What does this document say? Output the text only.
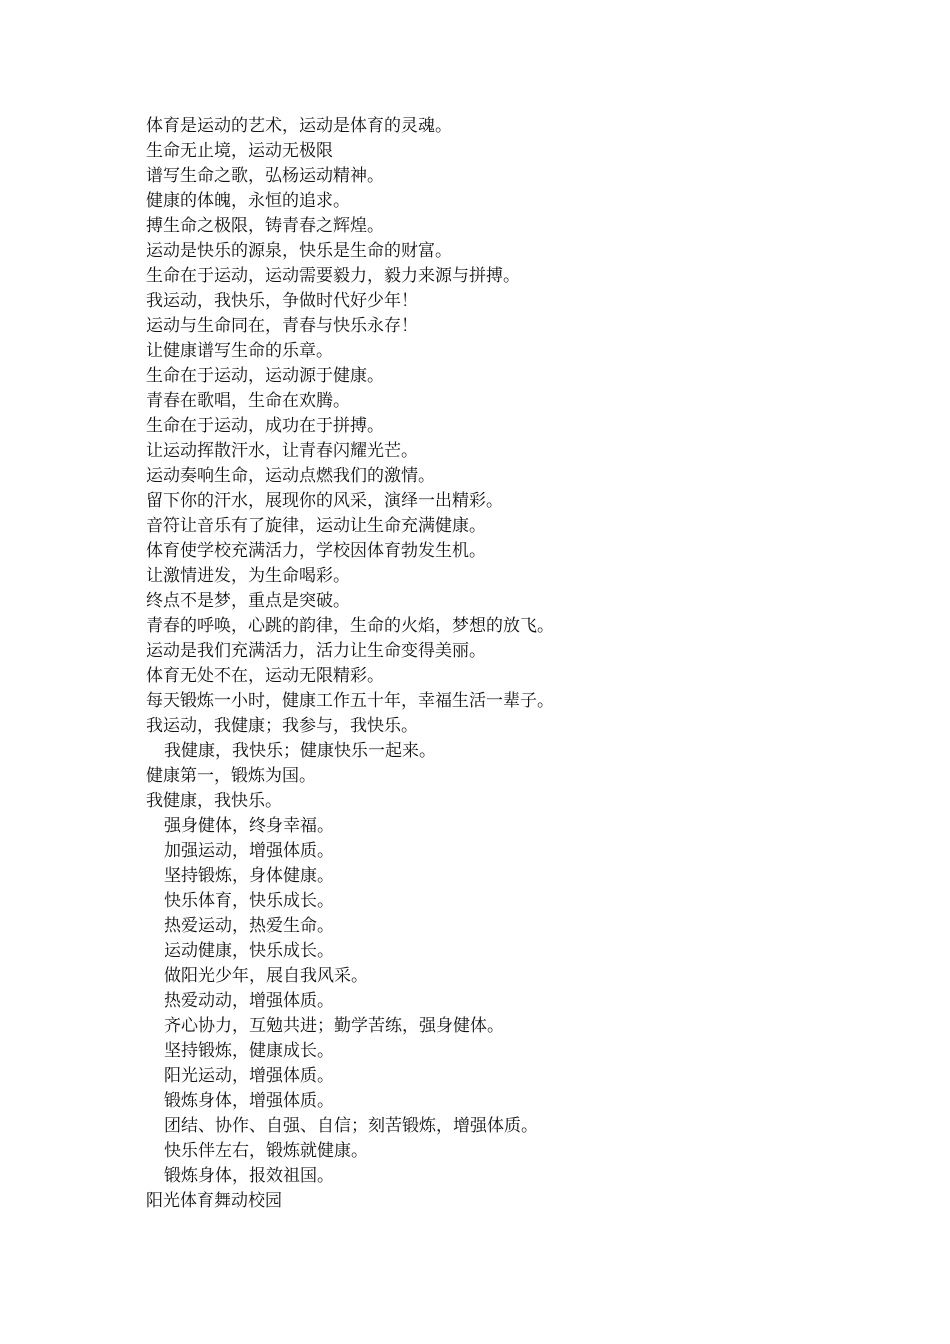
体育是运动的艺术，运动是体育的灵魂。
生命无止境，运动无极限
谱写生命之歌，弘杨运动精神。
健康的体魄，永恒的追求。
搏生命之极限，铸青春之辉煌。
运动是快乐的源泉，快乐是生命的财富。
生命在于运动，运动需要毅力，毅力来源与拼搏。
我运动，我快乐，争做时代好少年！
运动与生命同在，青春与快乐永存！
让健康谱写生命的乐章。
生命在于运动，运动源于健康。
青春在歌唱，生命在欢腾。
生命在于运动，成功在于拼搏。
让运动挥散汗水，让青春闪耀光芒。
运动奏响生命，运动点燃我们的激情。
留下你的汗水，展现你的风采，演绎一出精彩。
音符让音乐有了旋律，运动让生命充满健康。
体育使学校充满活力，学校因体育勃发生机。
让激情进发，为生命喝彩。
终点不是梦，重点是突破。
青春的呼唤，心跳的韵律，生命的火焰，梦想的放飞。
运动是我们充满活力，活力让生命变得美丽。
体育无处不在，运动无限精彩。
每天锻炼一小时，健康工作五十年，幸福生活一辈子。
我运动，我健康；我参与，我快乐。
我健康，我快乐；健康快乐一起来。
健康第一，锻炼为国。
我健康，我快乐。
强身健体，终身幸福。
加强运动，增强体质。
坚持锻炼，身体健康。
快乐体育，快乐成长。
热爱运动，热爱生命。
运动健康，快乐成长。
做阳光少年，展自我风采。
热爱动动，增强体质。
齐心协力，互勉共进；勤学苦练，强身健体。
坚持锻炼，健康成长。
阳光运动，增强体质。
锻炼身体，增强体质。
团结、协作、自强、自信；刻苦锻炼，增强体质。
快乐伴左右，锻炼就健康。
锻炼身体，报效祖国。
阳光体育舞动校园
